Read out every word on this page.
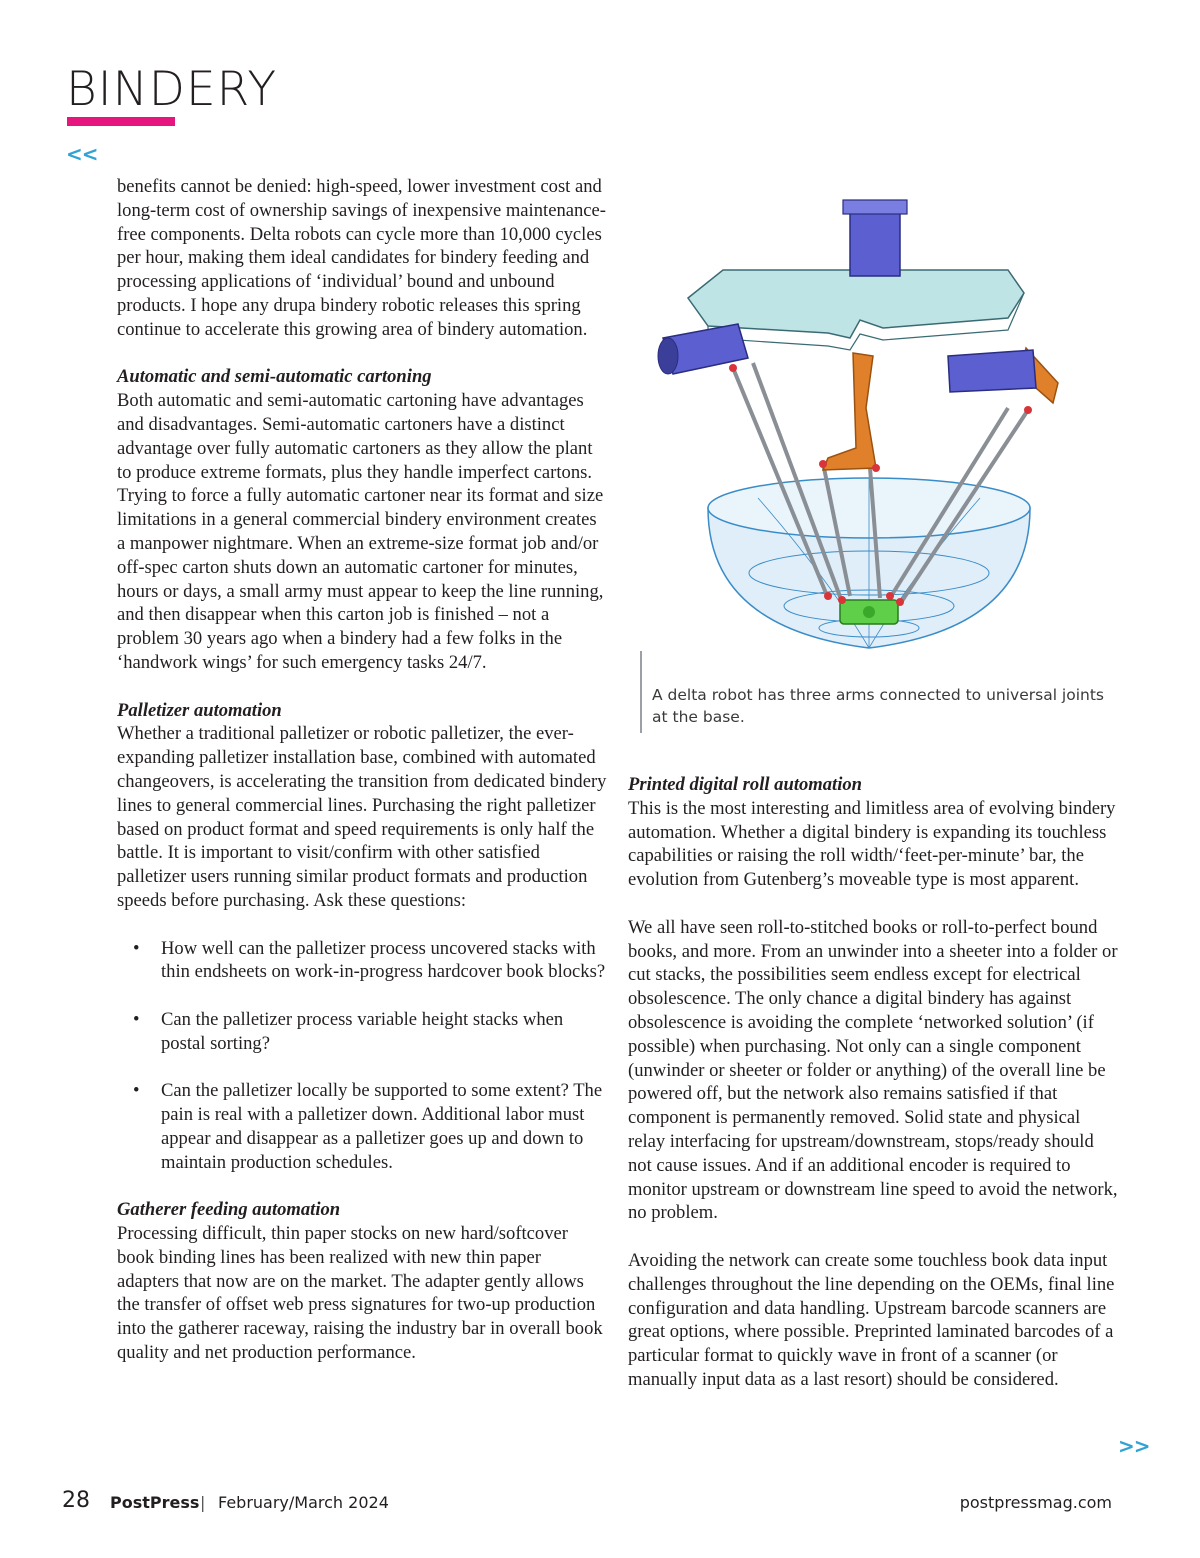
BINDERY
<<

benefits cannot be denied: high-speed, lower investment cost and long-term cost of ownership savings of inexpensive maintenance-free components. Delta robots can cycle more than 10,000 cycles per hour, making them ideal candidates for bindery feeding and processing applications of ‘individual’ bound and unbound products. I hope any drupa bindery robotic releases this spring continue to accelerate this growing area of bindery automation.

Automatic and semi-automatic cartoning

Both automatic and semi-automatic cartoning have advantages and disadvantages. Semi-automatic cartoners have a distinct advantage over fully automatic cartoners as they allow the plant to produce extreme formats, plus they handle imperfect cartons. Trying to force a fully automatic cartoner near its format and size limitations in a general commercial bindery environment creates a manpower nightmare. When an extreme-size format job and/or off-spec carton shuts down an automatic cartoner for minutes, hours or days, a small army must appear to keep the line running, and then disappear when this carton job is finished – not a problem 30 years ago when a bindery had a few folks in the ‘handwork wings’ for such emergency tasks 24/7.

Palletizer automation

Whether a traditional palletizer or robotic palletizer, the ever-expanding palletizer installation base, combined with automated changeovers, is accelerating the transition from dedicated bindery lines to general commercial lines. Purchasing the right palletizer based on product format and speed requirements is only half the battle. It is important to visit/confirm with other satisfied palletizer users running similar product formats and production speeds before purchasing. Ask these questions:

• How well can the palletizer process uncovered stacks with thin endsheets on work-in-progress hardcover book blocks?
• Can the palletizer process variable height stacks when postal sorting?
• Can the palletizer locally be supported to some extent? The pain is real with a palletizer down. Additional labor must appear and disappear as a palletizer goes up and down to maintain production schedules.
Gatherer feeding automation

Processing difficult, thin paper stocks on new hard/softcover book binding lines has been realized with new thin paper adapters that now are on the market. The adapter gently allows the transfer of offset web press signatures for two-up production into the gatherer raceway, raising the industry bar in overall book quality and net production performance.

A delta robot has three arms connected to universal joints at the base.
Printed digital roll automation

This is the most interesting and limitless area of evolving bindery automation. Whether a digital bindery is expanding its touchless capabilities or raising the roll width/‘feet-per-minute’ bar, the evolution from Gutenberg’s moveable type is most apparent.

We all have seen roll-to-stitched books or roll-to-perfect bound books, and more. From an unwinder into a sheeter into a folder or cut stacks, the possibilities seem endless except for electrical obsolescence. The only chance a digital bindery has against obsolescence is avoiding the complete ‘networked solution’ (if possible) when purchasing. Not only can a single component (unwinder or sheeter or folder or anything) of the overall line be powered off, but the network also remains satisfied if that component is permanently removed. Solid state and physical relay interfacing for upstream/downstream, stops/ready should not cause issues. And if an additional encoder is required to monitor upstream or downstream line speed to avoid the network, no problem.

Avoiding the network can create some touchless book data input challenges throughout the line depending on the OEMs, final line configuration and data handling. Upstream barcode scanners are great options, where possible. Preprinted laminated barcodes of a particular format to quickly wave in front of a scanner (or manually input data as a last resort) should be considered.

>>
28 PostPress | February/March 2024	postpressmag.com
